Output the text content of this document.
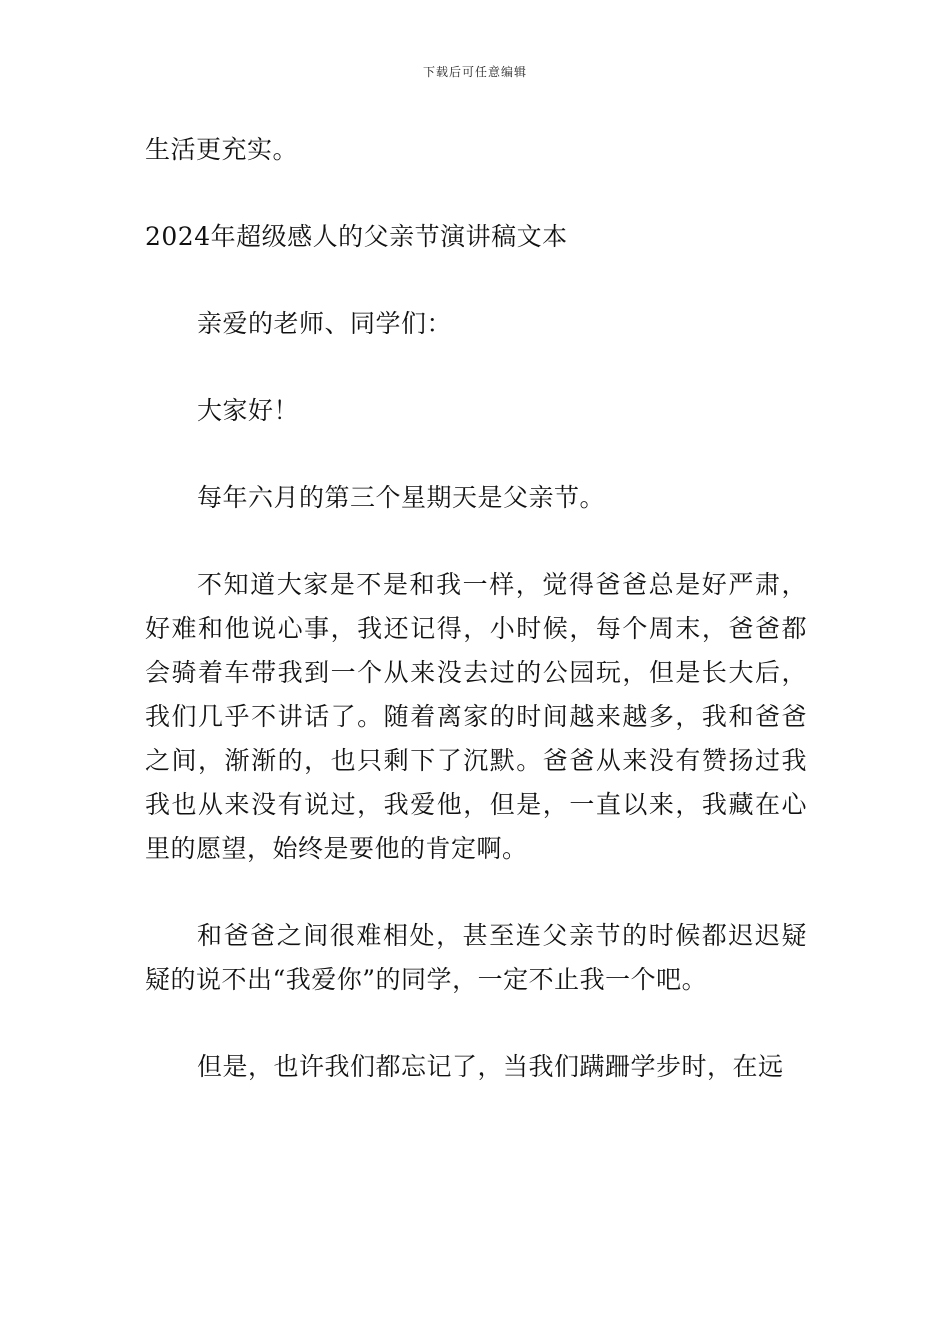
下载后可任意编辑

生活更充实。

2024年超级感人的父亲节演讲稿文本

亲爱的老师、同学们：

大家好！

每年六月的第三个星期天是父亲节。

不知道大家是不是和我一样，觉得爸爸总是好严肃，好难和他说心事，我还记得，小时候，每个周末，爸爸都会骑着车带我到一个从来没去过的公园玩，但是长大后，我们几乎不讲话了。随着离家的时间越来越多，我和爸爸之间，渐渐的，也只剩下了沉默。爸爸从来没有赞扬过我我也从来没有说过，我爱他，但是，一直以来，我藏在心里的愿望，始终是要他的肯定啊。

和爸爸之间很难相处，甚至连父亲节的时候都迟迟疑疑的说不出“我爱你”的同学，一定不止我一个吧。

但是，也许我们都忘记了，当我们蹒跚学步时，在远
